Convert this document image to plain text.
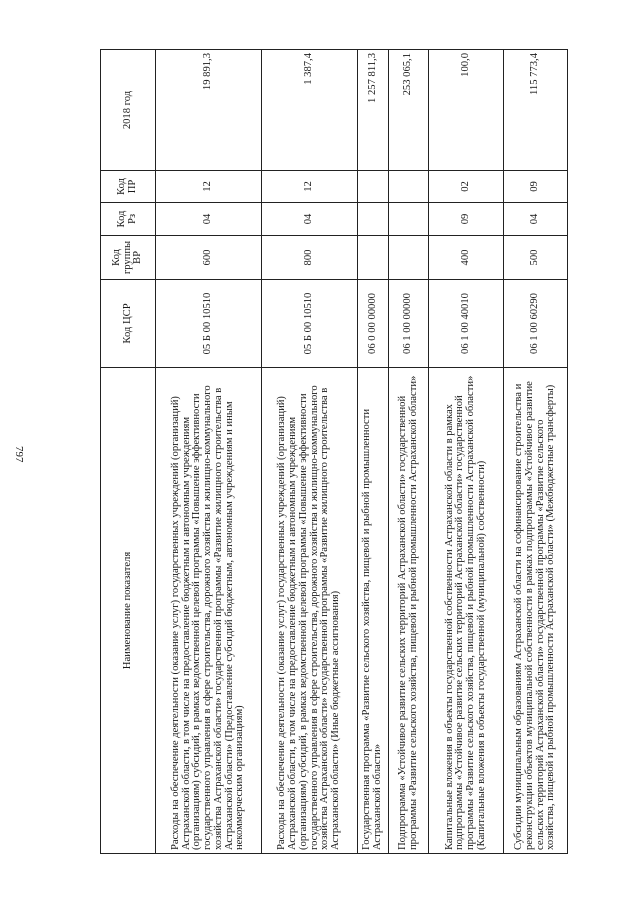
797
Наименование показателя	Код ЦСР	Код группы ВР	Код Рз	Код ПР	2018 год
Расходы на обеспечение деятельности (оказание услуг) государственных учреждений (организаций) Астраханской области, в том числе на предоставление бюджетным и автономным учреждениям (организациям) субсидий, в рамках ведомственной целевой программы «Повышение эффективности государственного управления в сфере строительства, дорожного хозяйства и жилищно-коммунального хозяйства Астраханской области» государственной программы «Развитие жилищного строительства в Астраханской области» (Предоставление субсидий бюджетным, автономным учреждениям и иным некоммерческим организациям)	05 Б 00 10510	600	04	12	19 891,3
Расходы на обеспечение деятельности (оказание услуг) государственных учреждений (организаций) Астраханской области, в том числе на предоставление бюджетным и автономным учреждениям (организациям) субсидий, в рамках ведомственной целевой программы «Повышение эффективности государственного управления в сфере строительства, дорожного хозяйства и жилищно-коммунального хозяйства Астраханской области» государственной программы «Развитие жилищного строительства в Астраханской области» (Иные бюджетные ассигнования)	05 Б 00 10510	800	04	12	1 387,4
Государственная программа «Развитие сельского хозяйства, пищевой и рыбной промышленности Астраханской области»	06 0 00 00000				1 257 811,3
Подпрограмма «Устойчивое развитие сельских территорий Астраханской области» государственной программы «Развитие сельского хозяйства, пищевой и рыбной промышленности Астраханской области»	06 1 00 00000				253 065,1
Капитальные вложения в объекты государственной собственности Астраханской области в рамках подпрограммы «Устойчивое развитие сельских территорий Астраханской области» государственной программы «Развитие сельского хозяйства, пищевой и рыбной промышленности Астраханской области» (Капитальные вложения в объекты государственной (муниципальной) собственности)	06 1 00 40010	400	09	02	100,0
Субсидии муниципальным образованиям Астраханской области на софинансирование строительства и реконструкции объектов муниципальной собственности в рамках подпрограммы «Устойчивое развитие сельских территорий Астраханской области» государственной программы «Развитие сельского хозяйства, пищевой и рыбной промышленности Астраханской области» (Межбюджетные трансферты)	06 1 00 60290	500	04	09	115 773,4
